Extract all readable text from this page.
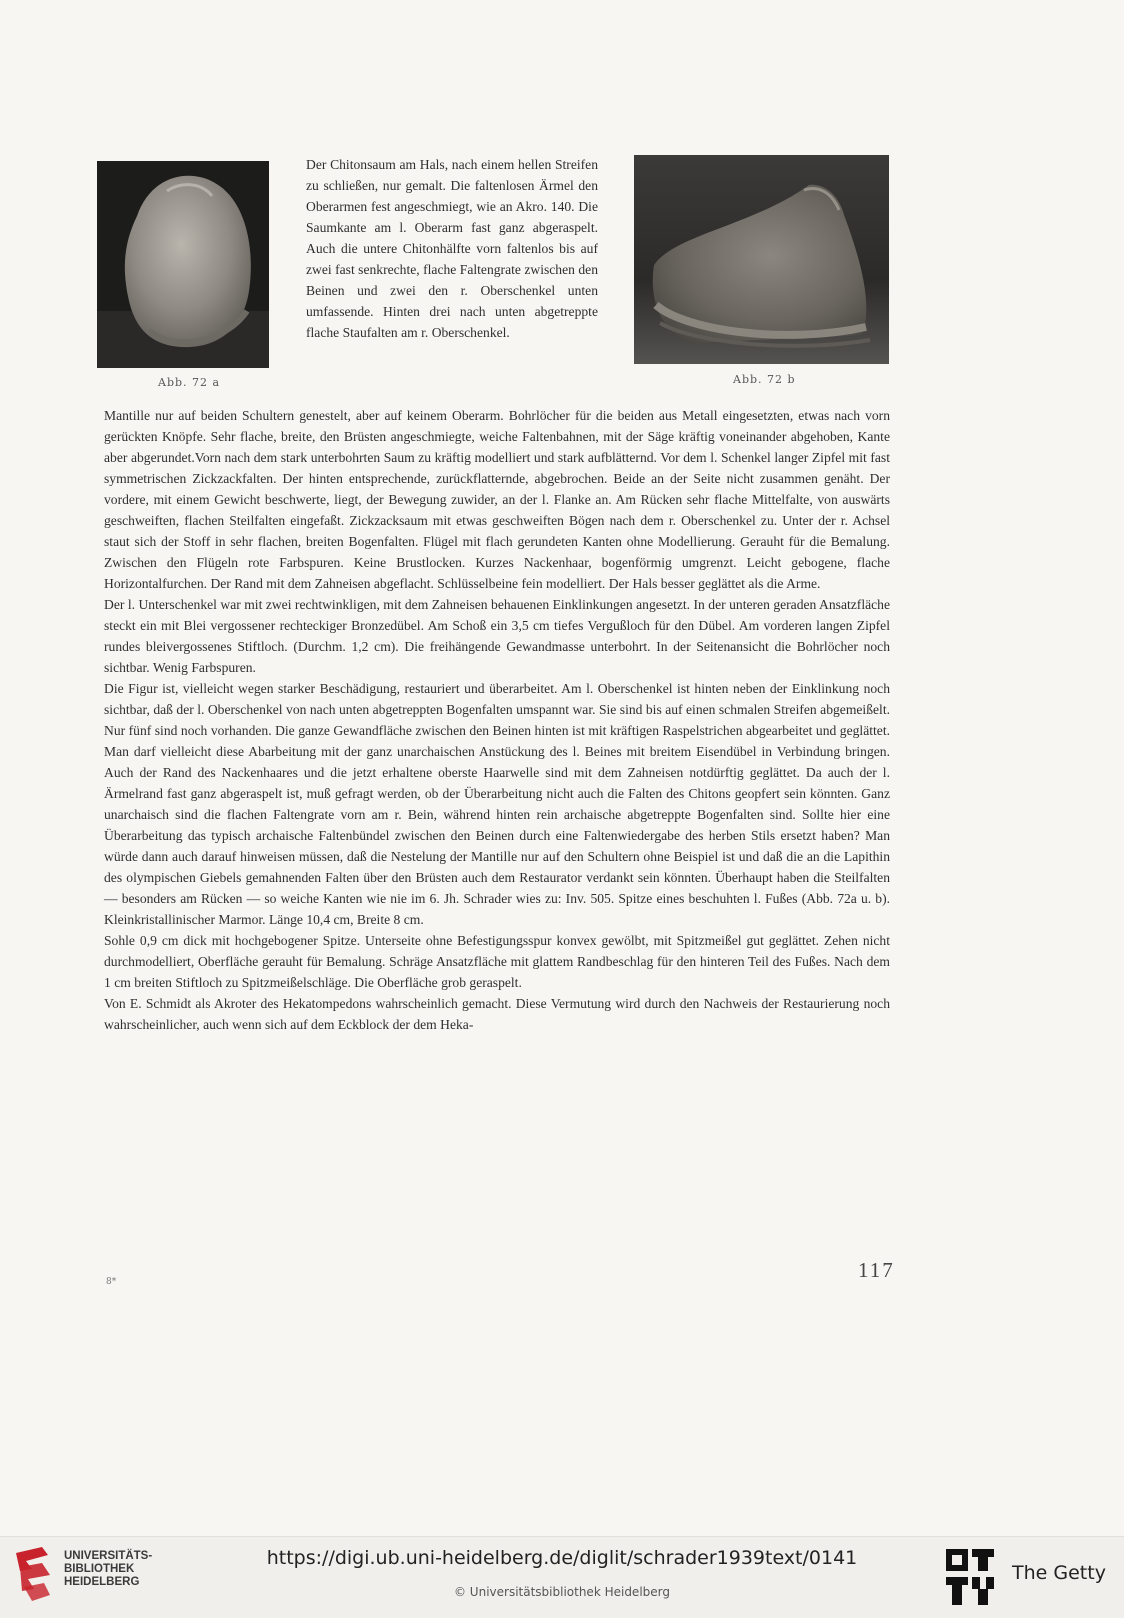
Abb. 72 a	Abb. 72 b

Der Chitonsaum am Hals, nach einem hellen Streifen zu schließen, nur gemalt. Die faltenlosen Ärmel den Oberarmen fest angeschmiegt, wie an Akro. 140. Die Saumkante am l. Oberarm fast ganz abgeraspelt. Auch die untere Chitonhälfte vorn faltenlos bis auf zwei fast senkrechte, flache Faltengrate zwischen den Beinen und zwei den r. Oberschenkel unten umfassende. Hinten drei nach unten abgetreppte flache Staufalten am r. Oberschenkel.

Mantille nur auf beiden Schultern genestelt, aber auf keinem Oberarm. Bohrlöcher für die beiden aus Metall eingesetzten, etwas nach vorn gerückten Knöpfe. Sehr flache, breite, den Brüsten angeschmiegte, weiche Faltenbahnen, mit der Säge kräftig voneinander abgehoben, Kante aber abgerundet.Vorn nach dem stark unterbohrten Saum zu kräftig modelliert und stark aufblätternd. Vor dem l. Schenkel langer Zipfel mit fast symmetrischen Zickzackfalten. Der hinten entsprechende, zurückflatternde, abgebrochen. Beide an der Seite nicht zusammen genäht. Der vordere, mit einem Gewicht beschwerte, liegt, der Bewegung zuwider, an der l. Flanke an. Am Rücken sehr flache Mittelfalte, von auswärts geschweiften, flachen Steilfalten eingefaßt. Zickzacksaum mit etwas geschweiften Bögen nach dem r. Oberschenkel zu. Unter der r. Achsel staut sich der Stoff in sehr flachen, breiten Bogenfalten. Flügel mit flach gerundeten Kanten ohne Modellierung. Gerauht für die Bemalung. Zwischen den Flügeln rote Farbspuren. Keine Brustlocken. Kurzes Nackenhaar, bogenförmig umgrenzt. Leicht gebogene, flache Horizontalfurchen. Der Rand mit dem Zahneisen abgeflacht. Schlüsselbeine fein modelliert. Der Hals besser geglättet als die Arme.

Der l. Unterschenkel war mit zwei rechtwinkligen, mit dem Zahneisen behauenen Einklinkungen angesetzt. In der unteren geraden Ansatzfläche steckt ein mit Blei vergossener rechteckiger Bronzedübel. Am Schoß ein 3,5 cm tiefes Vergußloch für den Dübel. Am vorderen langen Zipfel rundes bleivergossenes Stiftloch. (Durchm. 1,2 cm). Die freihängende Gewandmasse unterbohrt. In der Seitenansicht die Bohrlöcher noch sichtbar. Wenig Farbspuren.

Die Figur ist, vielleicht wegen starker Beschädigung, restauriert und überarbeitet. Am l. Oberschenkel ist hinten neben der Einklinkung noch sichtbar, daß der l. Oberschenkel von nach unten abgetreppten Bogenfalten umspannt war. Sie sind bis auf einen schmalen Streifen abgemeißelt. Nur fünf sind noch vorhanden. Die ganze Gewandfläche zwischen den Beinen hinten ist mit kräftigen Raspelstrichen abgearbeitet und geglättet. Man darf vielleicht diese Abarbeitung mit der ganz unarchaischen Anstückung des l. Beines mit breitem Eisendübel in Verbindung bringen. Auch der Rand des Nackenhaares und die jetzt erhaltene oberste Haarwelle sind mit dem Zahneisen notdürftig geglättet. Da auch der l. Ärmelrand fast ganz abgeraspelt ist, muß gefragt werden, ob der Überarbeitung nicht auch die Falten des Chitons geopfert sein könnten. Ganz unarchaisch sind die flachen Faltengrate vorn am r. Bein, während hinten rein archaische abgetreppte Bogenfalten sind. Sollte hier eine Überarbeitung das typisch archaische Faltenbündel zwischen den Beinen durch eine Faltenwiedergabe des herben Stils ersetzt haben? Man würde dann auch darauf hinweisen müssen, daß die Nestelung der Mantille nur auf den Schultern ohne Beispiel ist und daß die an die Lapithin des olympischen Giebels gemahnenden Falten über den Brüsten auch dem Restaurator verdankt sein könnten. Überhaupt haben die Steilfalten — besonders am Rücken — so weiche Kanten wie nie im 6. Jh. Schrader wies zu: Inv. 505. Spitze eines beschuhten l. Fußes (Abb. 72a u. b). Kleinkristallinischer Marmor. Länge 10,4 cm, Breite 8 cm.

Sohle 0,9 cm dick mit hochgebogener Spitze. Unterseite ohne Befestigungsspur konvex gewölbt, mit Spitzmeißel gut geglättet. Zehen nicht durchmodelliert, Oberfläche gerauht für Bemalung. Schräge Ansatzfläche mit glattem Randbeschlag für den hinteren Teil des Fußes. Nach dem 1 cm breiten Stiftloch zu Spitzmeißelschläge. Die Oberfläche grob geraspelt.

Von E. Schmidt als Akroter des Hekatompedons wahrscheinlich gemacht. Diese Vermutung wird durch den Nachweis der Restaurierung noch wahrscheinlicher, auch wenn sich auf dem Eckblock der dem Heka-

117
8*
UNIVERSITÄTS-
BIBLIOTHEK
HEIDELBERG
https://digi.ub.uni-heidelberg.de/diglit/schrader1939text/0141
© Universitätsbibliothek Heidelberg
The Getty
